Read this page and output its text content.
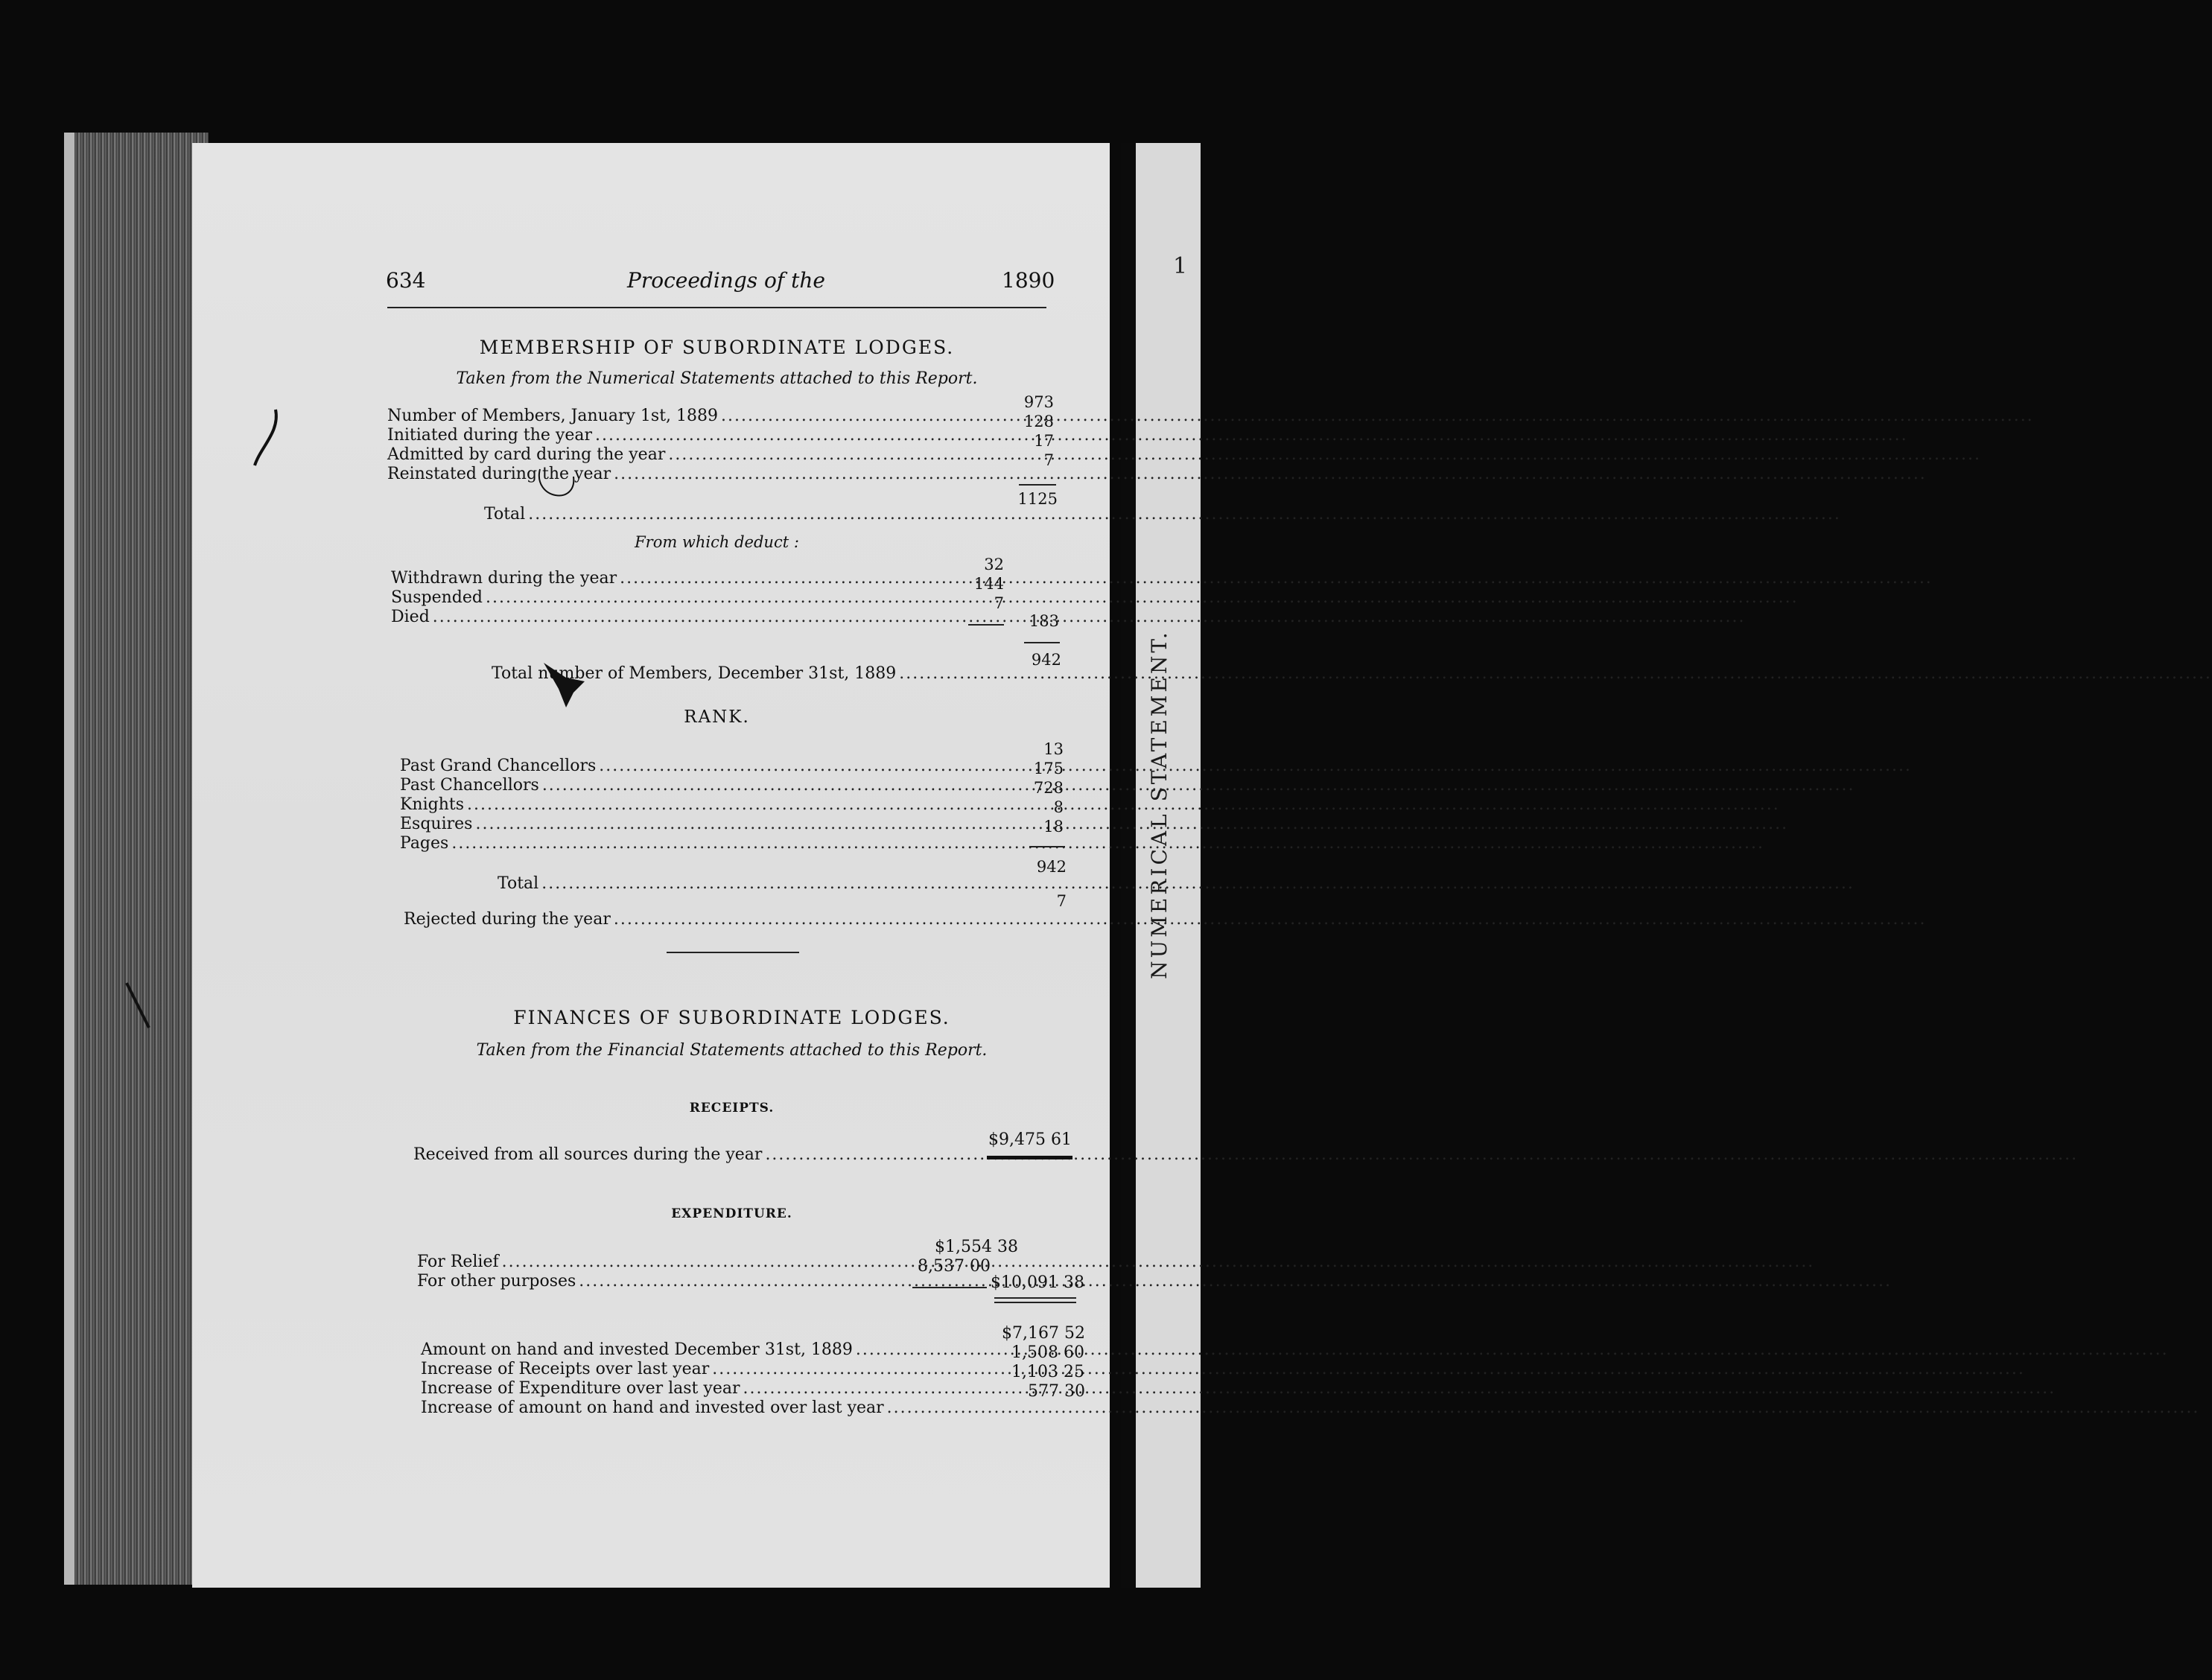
1
NUMERICAL STATEMENT.
634	Proceedings of the	1890
MEMBERSHIP OF SUBORDINATE LODGES.
Taken from the Numerical Statements attached to this Report.
Number of Members, January 1st, 1889
.....
973
Initiated during the year
.....
128
Admitted by card during the year
.....
17
Reinstated during the year
.....
7
Total
.....
1125
From which deduct :
Withdrawn during the year
.....
32
Suspended
.....
144
Died
.....
7
183
Total number of Members, December 31st, 1889
.....
942
RANK.
Past Grand Chancellors
.....
13
Past Chancellors
.....
175
Knights
.....
728
Esquires
.....
8
Pages
.....
18
Total
.....
942
Rejected during the year
.....
7
FINANCES OF SUBORDINATE LODGES.
Taken from the Financial Statements attached to this Report.
RECEIPTS.
Received from all sources during the year
.....
$9,475 61
EXPENDITURE.
For Relief
.....
$1,554 38
For other purposes
.....
8,537 00
$10,091 38
Amount on hand and invested December 31st, 1889
.....
$7,167 52
Increase of Receipts over last year
.....
1,508 60
Increase of Expenditure over last year
.....
1,103 25
Increase of amount on hand and invested over last year
.....
577 30
